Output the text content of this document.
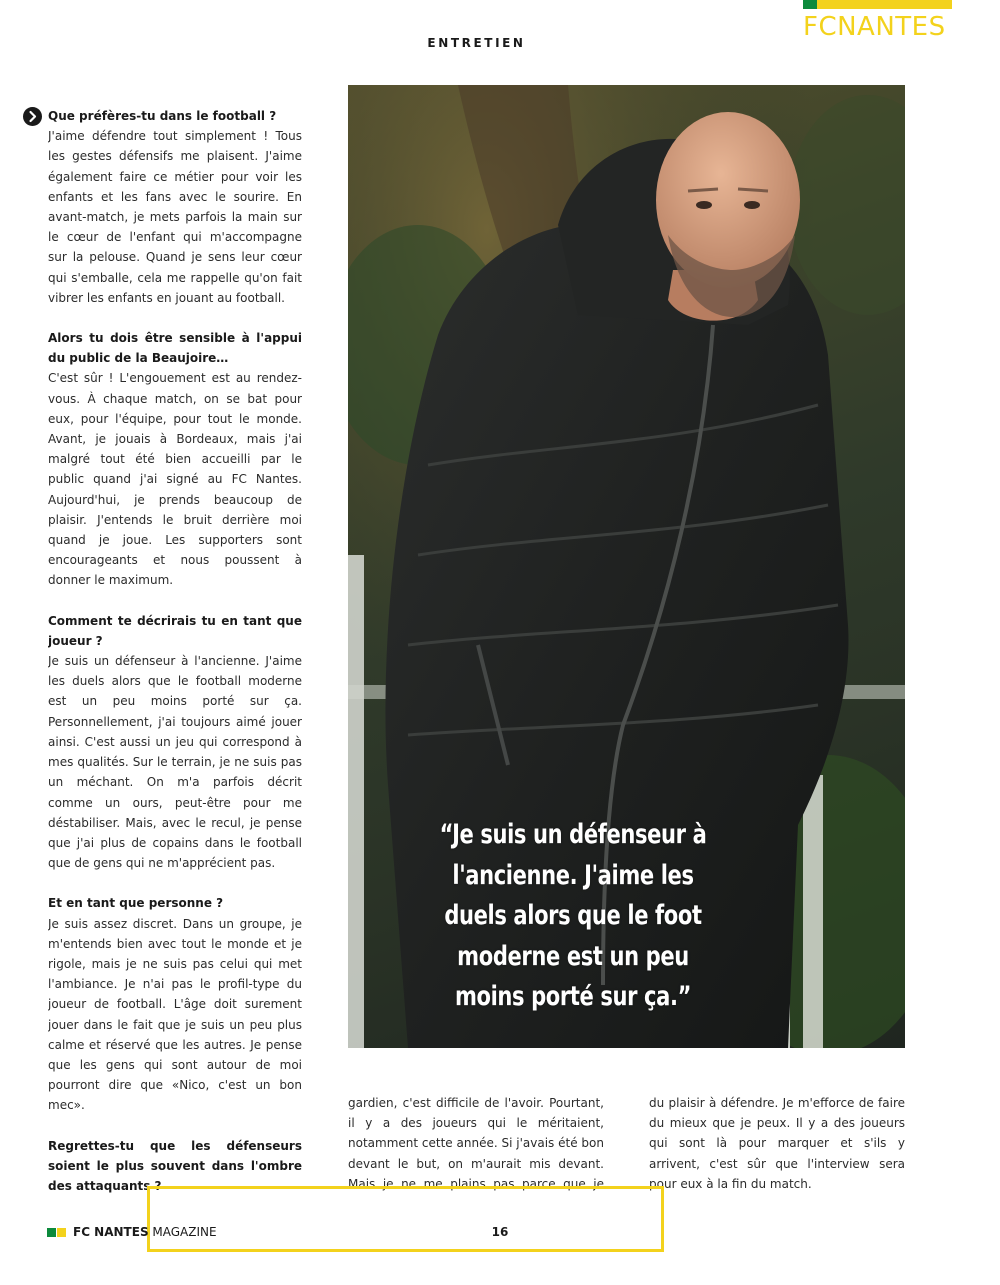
FCNANTES
ENTRETIEN
Que préfères-tu dans le football ?
J'aime défendre tout simplement ! Tous les gestes défensifs me plaisent. J'aime également faire ce métier pour voir les enfants et les fans avec le sourire. En avant-match, je mets parfois la main sur le cœur de l'enfant qui m'accompagne sur la pelouse. Quand je sens leur cœur qui s'emballe, cela me rappelle qu'on fait vibrer les enfants en jouant au football.
Alors tu dois être sensible à l'appui du public de la Beaujoire…
C'est sûr ! L'engouement est au rendez-vous. À chaque match, on se bat pour eux, pour l'équipe, pour tout le monde. Avant, je jouais à Bordeaux, mais j'ai malgré tout été bien accueilli par le public quand j'ai signé au FC Nantes. Aujourd'hui, je prends beaucoup de plaisir. J'entends le bruit derrière moi quand je joue. Les supporters sont encourageants et nous poussent à donner le maximum.
Comment te décrirais tu en tant que joueur ?
Je suis un défenseur à l'ancienne. J'aime les duels alors que le football moderne est un peu moins porté sur ça. Personnellement, j'ai toujours aimé jouer ainsi. C'est aussi un jeu qui correspond à mes qualités. Sur le terrain, je ne suis pas un méchant. On m'a parfois décrit comme un ours, peut-être pour me déstabiliser. Mais, avec le recul, je pense que j'ai plus de copains dans le football que de gens qui ne m'apprécient pas.
Et en tant que personne ?
Je suis assez discret. Dans un groupe, je m'entends bien avec tout le monde et je rigole, mais je ne suis pas celui qui met l'ambiance. Je n'ai pas le profil-type du joueur de football. L'âge doit surement jouer dans le fait que je suis un peu plus calme et réservé que les autres. Je pense que les gens qui sont autour de moi pourront dire que «Nico, c'est un bon mec».
Regrettes-tu que les défenseurs soient le plus souvent dans l'ombre des attaquants ?
“Je suis un défenseur à l'ancienne. J'aime les duels alors que le foot moderne est un peu moins porté sur ça.”
gardien, c'est difficile de l'avoir. Pourtant, il y a des joueurs qui le méritaient, notamment cette année. Si j'avais été bon devant le but, on m'aurait mis devant. Mais je ne me plains pas parce que je
du plaisir à défendre. Je m'efforce de faire du mieux que je peux. Il y a des joueurs qui sont là pour marquer et s'ils y arrivent, c'est sûr que l'interview sera pour eux à la fin du match.
FC NANTES MAGAZINE	16
